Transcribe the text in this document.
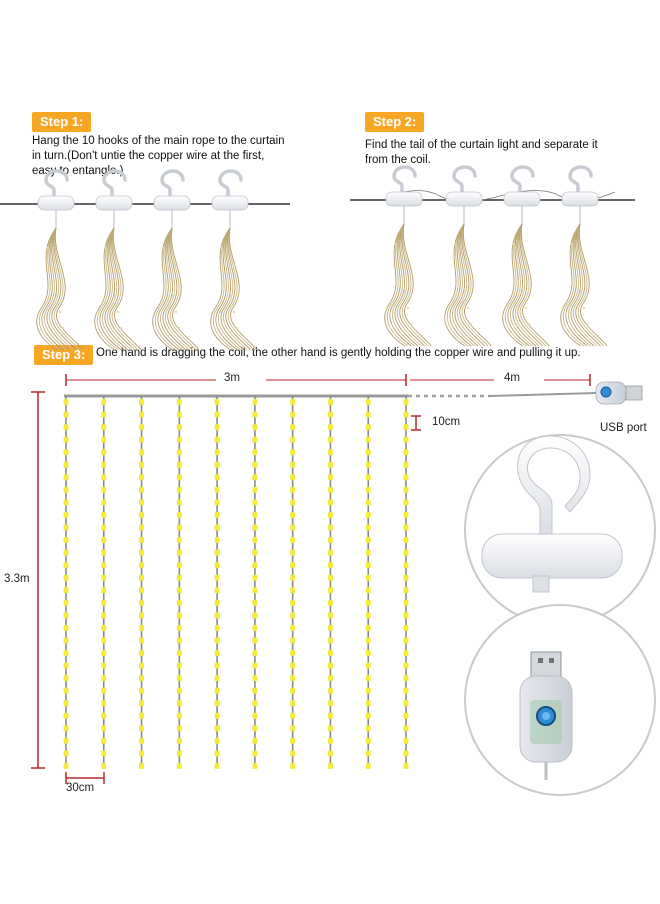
Step 1:
Hang the 10 hooks of the main rope to the curtain
in turn.(Don't untie the copper wire at the first,
easy to entangle.)
Step 2:
Find the tail of the curtain light and separate it
from the coil.
Step 3: One hand is dragging the coil, the other hand is gently holding the copper wire and pulling it up.
3m	4m
3.3m
10cm
30cm
USB port
